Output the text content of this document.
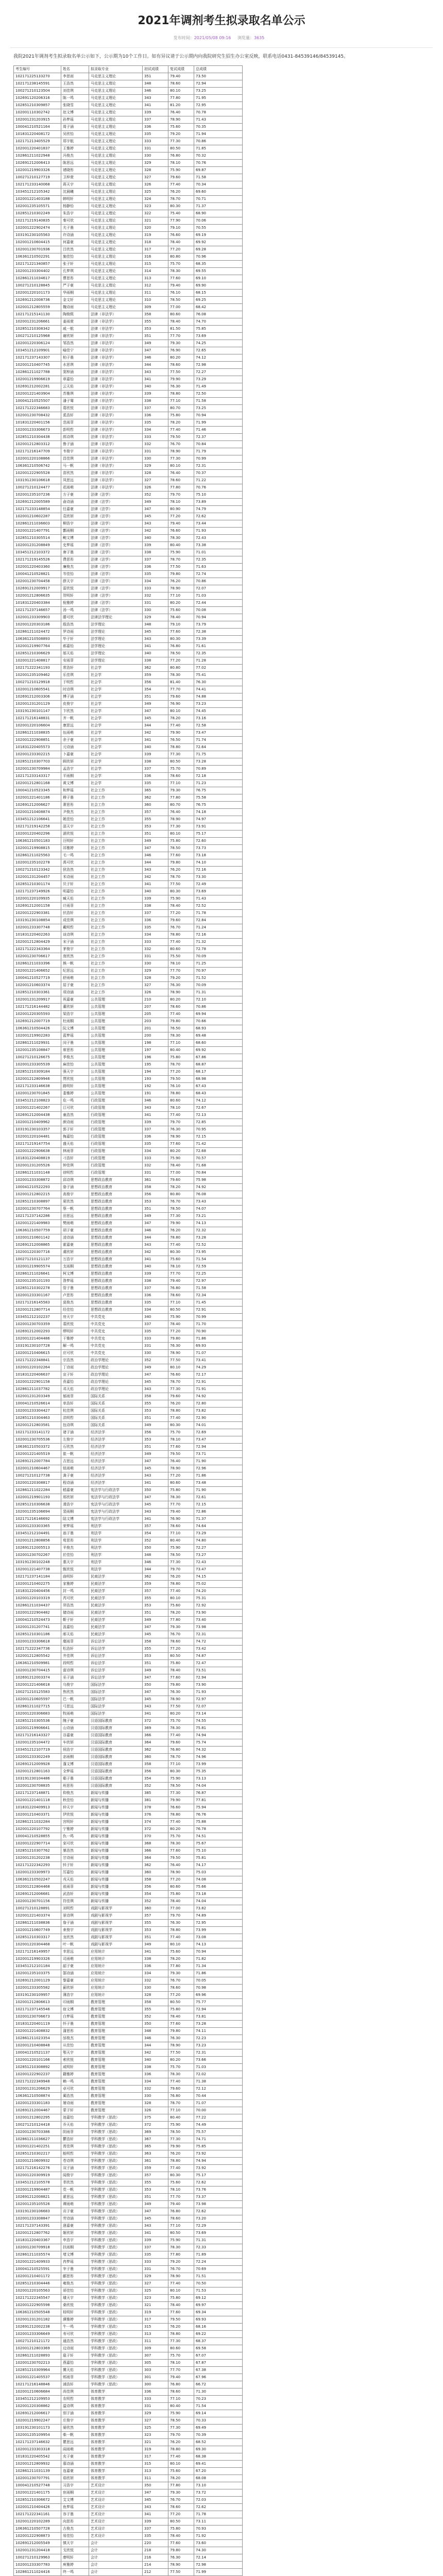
2021年调剂考生拟录取名单公示
发布时间：2021/05/08 09:16 浏览量：3635
我院2021年调剂考生拟录取名单公示如下，公示期为10个工作日。如有异议请于公示期内向我院研究生招生办公室反映，联系电话0431-84539146/84539145。
考生编号	姓名	拟录取专业	初试成绩	复试成绩	总成绩
102171225133270	李思雨	马克思主义理论	351	79.40	73.50
102171238145591	王浩然	马克思主义理论	348	78.60	72.94
100271210123504	刘佳琪	马克思主义理论	346	80.10	73.25
102691120206316	陈一鸣	马克思主义理论	343	77.80	71.95
102851210309857	张晓雪	马克思主义理论	341	81.20	72.95
102001110302742	赵文博	马克思主义理论	339	76.40	70.78
102001231203915	孙梦瑶	马克思主义理论	337	78.90	71.43
100041210521164	周子涵	马克思主义理论	336	75.60	70.35
101831220408172	吴欣怡	马克思主义理论	335	79.20	71.94
102171213405529	郑宇航	马克思主义理论	333	77.30	70.86
102001220401837	王雅婷	马克思主义理论	331	80.50	71.85
102861211022948	冯俊杰	马克思主义理论	330	76.80	70.32
102691212006413	陈思远	马克思主义理论	329	78.10	70.76
102001219903326	褚晓彤	马克思主义理论	328	75.90	69.87
100271210127719	卫梓萱	马克思主义理论	327	79.60	71.58
102171233140068	蒋天宇	马克思主义理论	326	77.40	70.34
103451212105342	沈晨曦	马克思主义理论	325	76.20	69.60
102001221403188	韩明轩	马克思主义理论	324	78.70	70.71
102001235105571	杨静怡	马克思主义理论	323	80.30	71.37
102851210302249	朱浩宇	马克思主义理论	322	75.40	68.90
102171219140835	秦可欣	马克思主义理论	321	77.90	70.06
102001222902474	尤子墨	马克思主义理论	320	79.10	70.55
103191230105563	许诗涵	马克思主义理论	319	76.60	69.19
102001210604415	何嘉豪	马克思主义理论	318	78.40	69.92
102001230701936	吕欣然	马克思主义理论	317	77.20	69.28
106361210502291	施佳怡	马克思主义理论	316	80.80	70.96
102171221340857	张子轩	马克思主义理论	315	75.70	68.35
102001233304402	孔梦琪	马克思主义理论	314	78.30	69.55
102861211034617	曹思彤	马克思主义理论	313	77.60	69.10
100271210128845	严子豪	马克思主义理论	312	79.40	69.90
102001220101173	华雨桐	马克思主义理论	311	76.10	68.15
102691212008736	金文轩	马克思主义理论	310	78.50	69.25
102001212805559	魏诗雨	马克思主义理论	309	77.00	68.42
102171215141130	陶俊熙	法律（非法学）	358	80.60	76.08
102001231206661	姜雨萱	法律（非法学）	355	78.40	74.70
102851210308342	戚一航	法律（非法学）	353	81.50	75.85
100271210125968	谢欣妍	法律（非法学）	351	77.70	73.69
102001220306124	邹浩然	法律（非法学）	349	79.30	74.25
103451212109901	喻佳宁	法律（非法学）	347	76.90	72.65
102171237143307	柏子墨	法律（非法学）	346	80.20	74.12
102001210407745	水思琪	法律（非法学）	344	78.60	72.98
102861211027788	窦梓涵	法律（非法学）	343	77.50	72.27
102001219906619	章嘉怡	法律（非法学）	341	79.90	73.29
102691212002281	云天佑	法律（非法学）	340	76.30	71.49
102001221403904	苏雅琪	法律（非法学）	339	78.80	72.50
100041210525507	潘子骞	法律（非法学）	338	77.10	71.58
102171222346683	葛欣悦	法律（非法学）	337	80.70	73.25
102001230708432	奚浩轩	法律（非法学）	336	75.80	70.94
101831220401156	范雨菲	法律（非法学）	335	78.20	71.99
102001233306673	彭明哲	法律（非法学）	334	77.40	71.46
102851210304438	郎诗琪	法律（非法学）	333	79.50	72.37
102001212803312	鲁子涵	法律（非法学）	332	76.70	70.84
102171216147709	韦俊宇	法律（非法学）	331	78.90	71.79
102001220108866	昌佳琪	法律（非法学）	330	77.30	70.99
106361210506742	马一帆	法律（非法学）	329	80.10	72.31
102001222905528	苗欣然	法律（非法学）	328	76.40	70.37
103191230106618	凤思远	法律（非法学）	327	78.60	71.22
100271210124477	花雨萌	法律（非法学）	326	77.80	70.76
102001235107236	方子豪	法律（法学）	352	79.70	75.10
102691212005589	俞诗涵	法律（法学）	349	78.10	73.89
102171233148854	任嘉豪	法律（法学）	347	80.90	74.79
102001210602287	袁欣妍	法律（法学）	345	77.20	72.62
102861211036603	柳浩宇	法律（法学）	343	79.40	73.44
102001221407791	酆雨桐	法律（法学）	342	76.60	71.93
102851210305514	鲍文博	法律（法学）	340	78.30	72.43
102001231208849	史梦瑶	法律（法学）	339	80.40	73.38
103451212103372	唐子墨	法律（法学）	338	75.90	71.01
102171219145526	费思彤	法律（法学）	337	78.70	72.35
102001220403360	廉俊杰	法律（法学）	336	77.50	71.63
100041210528821	岑佳怡	法律（法学）	335	79.80	72.74
102001230704458	薛天宇	法律（法学）	334	76.20	70.86
102691212009917	雷欣悦	法律（法学）	333	78.90	72.07
102001212806635	贺明轩	法律（法学）	332	77.10	71.03
101831220403384	倪雅婷	法律（法学）	331	80.20	72.44
102171237146657	汤一鸣	法律（法学）	330	75.60	70.08
102001233309903	滕可欣	法律法学理论	329	78.40	70.94
102001220303186	殷浩然	法学理论	348	79.10	73.79
102861211024472	罗诗雨	法学理论	345	77.60	72.38
106361210508893	毕子轩	法学理论	343	80.30	73.39
102001219907764	郝嘉怡	法学理论	341	76.80	71.61
102851210306629	邬天佑	法学理论	340	78.50	72.35
102001221408817	安雨菲	法学理论	338	77.20	71.28
102171222341193	常浩轩	社会学	362	80.80	77.02
102001235109462	乐佳琪	社会学	359	78.30	75.41
100271210129918	于明哲	社会学	356	81.40	76.30
102001210605541	时诗琪	社会学	354	77.70	74.41
102691212003306	傅子涵	社会学	351	79.60	74.88
102001231201129	皮俊宇	社会学	349	76.90	73.23
103191230101147	卞欣然	社会学	347	80.10	74.45
102171216148831	齐一帆	社会学	345	78.20	73.16
102001220106604	康思远	社会学	344	77.40	72.58
102861211038835	伍雨萌	社会学	342	79.90	73.47
102001222908851	余子豪	社会学	341	76.50	71.74
101831220405573	元诗涵	社会学	340	78.80	72.64
102001233302215	卜嘉豪	社会学	339	77.30	71.75
102851210307703	顾欣妍	社会学	338	80.50	73.28
102001230709984	孟浩宇	社会学	337	75.70	70.89
102171233143317	平雨桐	社会学	336	78.60	72.18
102001212801168	黄文博	社会学	335	77.10	71.23
100041210523345	和梦瑶	社会工作	365	79.30	76.75
102001221401186	穆子墨	社会工作	362	77.80	75.58
102691212006627	萧思彤	社会工作	360	80.70	76.75
102001210408874	尹俊杰	社会工作	357	76.40	74.18
103451212106641	姚佳怡	社会工作	355	78.90	74.97
102171219142258	邵天宇	社会工作	353	77.30	73.91
102001220402296	湛欣悦	社会工作	351	80.10	75.17
106361210501183	汪明轩	社会工作	349	75.80	72.60
102001219908815	祁雅婷	社会工作	347	78.50	73.73
102861211025563	毛一鸣	社会工作	346	77.60	73.18
102001235102278	禹可欣	社会工作	344	79.80	74.10
100271210123342	狄浩然	社会工作	343	76.20	72.16
102001231204457	米诗雨	社会工作	342	78.70	73.30
102851210301174	贝子轩	社会工作	341	77.50	72.49
102171237149926	明嘉怡	社会工作	340	80.30	73.69
102001220109935	臧天佑	社会工作	339	75.90	71.43
102691212001158	计雨菲	社会工作	338	78.40	72.52
102001222903381	伏浩轩	社会工作	337	77.20	71.78
103191230108854	成佳琪	社会工作	336	79.60	72.84
102001233307748	戴明哲	社会工作	335	76.70	71.24
101831220402263	谈诗琪	社会工作	334	78.80	72.16
102001212804429	宋子涵	社会工作	333	77.40	71.32
102171222343364	茅俊宇	社会工作	332	80.60	72.78
102001230706617	庞欣然	社会工作	331	75.50	70.09
102861211033396	熊一帆	社会工作	330	78.10	71.25
102001221406652	纪思远	社会工作	329	77.70	70.97
100041210527719	舒雨萌	社会工作	328	79.20	71.52
102001210603374	屈子豪	社会工作	327	76.30	70.09
102851210303361	项诗涵	社会工作	326	78.90	71.31
102001231209917	祝嘉豪	公共管理	210	80.20	72.10
102171216144482	董欣妍	公共管理	207	78.60	70.86
102001220305593	梁浩宇	公共管理	205	77.40	69.94
102691212007719	杜雨桐	公共管理	203	79.80	70.66
106361210504426	阮文博	公共管理	201	76.50	68.93
102001219902283	蓝梦瑶	公共管理	200	78.30	69.48
102861211029931	闵子墨	公共管理	198	77.10	68.60
102001235108847	席思彤	公共管理	197	80.40	69.92
100271210126675	季俊杰	公共管理	196	75.80	67.86
102001233305539	麻佳怡	公共管理	195	78.70	68.87
102851210309184	强天宇	公共管理	194	77.20	68.17
102001212809946	贾欣悦	公共管理	193	79.50	68.98
102171233146638	路明轩	公共管理	192	76.10	67.43
102001230701845	娄雅婷	公共管理	191	78.80	68.43
103451212108823	危一鸣	行政管理	346	80.60	74.12
102001221402267	江可欣	行政管理	343	78.10	72.67
102691212004438	童浩然	行政管理	341	77.40	72.13
102001210409962	颜诗雨	行政管理	339	79.70	72.85
103191230103357	郭子轩	行政管理	337	76.30	70.95
102001220104481	梅嘉怡	行政管理	336	78.90	72.15
102171219147754	盛天佑	行政管理	335	77.60	71.42
102001222906638	林雨菲	行政管理	334	80.20	72.68
101831220408819	刁浩轩	行政管理	333	75.90	70.57
102001231205526	钟佳琪	行政管理	332	78.40	71.68
102861211031148	徐明哲	行政管理	331	77.00	70.84
102001233308872	邱诗琪	思想政治教育	361	79.60	75.98
100041210522293	骆子涵	思想政治教育	358	78.20	74.92
102001212802215	高俊宇	思想政治教育	356	80.80	76.08
102851210308897	夏欣然	思想政治教育	353	76.70	73.43
102001230707764	蔡一帆	思想政治教育	351	78.50	74.07
102171237142286	田思远	思想政治教育	349	77.30	73.21
102001221409983	樊雨萌	思想政治教育	347	79.90	74.13
106361210507759	胡子豪	思想政治教育	346	76.20	72.32
102001210601142	凌诗涵	思想政治教育	344	78.80	73.28
102691212008865	霍嘉豪	思想政治教育	343	77.40	72.52
102001220307716	虞欣妍	思想政治教育	342	80.30	73.95
100271210121137	万浩宇	思想政治教育	341	75.60	71.54
102001219905574	支雨桐	思想政治教育	340	78.10	72.59
102861211026641	柯文博	思想政治教育	339	77.70	72.25
102001235101193	昝梦瑶	思想政治教育	338	79.40	72.97
102851210302278	管子墨	思想政治教育	337	76.80	71.58
102001233301167	卢思彤	思想政治教育	336	78.60	72.34
102171216145583	莫俊杰	思想政治教育	335	77.10	71.45
102001212807714	经佳怡	思想政治教育	334	80.50	72.91
103451212102237	房天宇	中共党史	340	75.90	70.99
102001230703359	裘欣悦	中共党史	337	78.40	71.70
102691212002293	缪明轩	中共党史	335	77.20	70.90
102001221404486	干雅婷	中共党史	333	79.80	71.86
103191230107728	解一鸣	中共党史	331	76.30	69.93
102001210406615	应可欣	中共党史	330	78.90	71.07
102171222348841	宗浩然	政治学理论	352	77.50	73.41
102001220102264	丁诗雨	政治学理论	349	80.10	74.29
101831220406637	宣子轩	政治学理论	347	76.60	72.17
102001222901158	贲嘉怡	政治学理论	345	78.70	72.91
102861211037782	邓天佑	政治学理论	343	77.30	71.91
102001231203349	郁雨菲	国际关系	358	79.60	74.92
100041210526614	单浩轩	国际关系	355	76.20	72.80
102001233304427	杭佳琪	国际关系	353	78.80	73.82
102851210304463	洪明哲	国际关系	351	77.40	72.90
102001212803581	包诗琪	国际关系	349	80.30	74.01
102171233141172	诸子涵	经济法学	356	75.70	72.69
102001230705536	左俊宇	经济法学	353	78.10	73.47
106361210503372	石欣然	经济法学	351	77.60	72.94
102001221405519	崔一帆	经济法学	349	79.50	73.71
102691212007784	吉思远	经济法学	347	76.40	71.90
102001210604467	钮雨萌	经济法学	345	78.90	72.96
100271210127738	龚子豪	经济法学	343	77.20	71.86
102001220308817	程诗涵	经济法学	341	80.60	73.48
102861211022284	嵇嘉豪	宪法学与行政法学	350	75.80	71.90
102001219901193	邢欣妍	宪法学与行政法学	347	78.30	72.61
102851210306638	滑浩宇	宪法学与行政法学	345	77.70	72.15
102001235106694	裴雨桐	宪法学与行政法学	343	79.40	72.86
102171216146692	陆文博	宪法学与行政法学	341	76.90	71.37
102001233303365	荣梦瑶	刑法学	357	78.60	74.64
103451212104491	翁子墨	刑法学	354	77.10	73.29
102001212808856	荀思彤	刑法学	352	80.40	74.80
102691212005513	羊俊杰	刑法学	350	75.90	72.27
102001230702267	於佳怡	刑法学	348	78.50	73.27
103191230102248	惠天宇	刑法学	346	77.30	72.43
102001221407738	甄欣悦	刑法学	344	79.70	73.47
102171237141184	曲明轩	民商法学	362	76.20	74.15
102001210402275	家雅婷	民商法学	359	78.80	75.02
101831220404456	封一鸣	民商法学	357	77.40	74.20
102001220103319	芮可欣	民商法学	355	80.10	75.31
102861211034437	羿浩然	民商法学	353	75.60	72.92
102001222904482	储诗雨	民商法学	351	78.20	73.90
100041210524473	靳子轩	民商法学	349	77.80	73.40
102001231207741	汲嘉怡	民商法学	347	79.30	73.98
102851210301186	邴天佑	民商法学	345	76.70	72.31
102001233306618	糜雨菲	诉讼法学	358	78.60	74.72
102171222347736	松浩轩	诉讼法学	355	77.20	73.42
102001212805542	井佳琪	诉讼法学	353	80.50	74.87
106361210509981	段明哲	诉讼法学	351	75.80	72.47
102001230704415	富诗琪	诉讼法学	349	78.40	73.51
102691212003374	巫子涵	诉讼法学	347	77.60	72.94
102001221406618	乌俊宇	国际法学	350	79.80	73.90
100271210125583	焦欣然	国际法学	347	76.30	71.93
102001210605597	巴一帆	国际法学	345	78.90	72.97
102861211027715	弓思远	国际法学	343	77.50	72.07
102001220306683	牧雨萌	国际法学	341	80.20	73.14
102851210305536	隗子豪	汉语国际教育	372	75.70	74.55
102001219906641	山诗涵	汉语国际教育	369	78.30	75.81
102171216143327	谷嘉豪	汉语国际教育	366	77.40	74.94
102001235104472	车欣妍	汉语国际教育	364	79.60	75.74
103451212107719	侯浩宇	汉语国际教育	362	76.80	74.32
102001233302249	宓雨桐	汉语国际教育	360	78.70	74.96
102691212009928	蓬文博	汉语国际教育	358	77.10	73.99
102001212801163	全梦瑶	汉语国际教育	356	80.30	75.35
103191230104486	郗子墨	汉语国际教育	354	75.90	73.13
102001230708835	班思彤	汉语国际教育	352	78.50	74.04
102171237148871	仰俊杰	新闻与传播	385	77.30	76.87
102001221401118	秋佳怡	新闻与传播	381	79.90	77.81
101831220409913	仲天宇	新闻与传播	378	76.60	75.94
102001210403371	伊欣悦	新闻与传播	376	78.80	76.76
102861211032284	宫明轩	新闻与传播	374	77.40	75.88
102001220107792	宁雅婷	新闻与传播	372	80.20	76.78
100041210528855	仇一鸣	新闻与传播	370	75.70	74.51
102001222907714	栾可欣	新闻与传播	368	78.30	75.67
102851210307762	暴浩然	新闻与传播	366	77.60	75.10
102001231202238	甘诗雨	新闻与传播	364	79.50	75.81
102171222342293	钭子轩	新闻与传播	362	76.40	74.17
102001233309973	厉嘉怡	新闻与传播	360	78.90	75.03
106361210502247	戎天佑	新闻与传播	358	77.20	74.08
102001212804468	祖雨菲	新闻与传播	356	80.60	75.66
102691212006681	武浩轩	新闻与传播	354	75.80	73.18
102001230701156	符佳琪	新闻与传播	352	78.40	74.04
100271210128891	刘明哲	戏剧与影视学	360	77.00	73.82
102001221403374	景诗琪	戏剧与影视学	357	79.70	74.89
102861211038836	詹子涵	戏剧与影视学	355	76.30	72.95
102001210607749	束俊宇	戏剧与影视学	353	78.80	73.99
102851210303317	龙欣然	戏剧与影视学	351	77.40	73.08
102001220304468	叶一帆	戏剧与影视学	349	80.10	74.13
102171216149957	幸思远	应用统计	341	75.60	70.94
102001219903326	司雨萌	应用统计	338	78.20	71.82
103451212101184	韶子豪	应用统计	336	77.80	71.34
102001235103375	郜诗涵	应用统计	334	79.30	71.86
102691212001129	黎嘉豪	应用统计	332	76.70	70.05
102001233305582	蓟欣妍	应用统计	330	78.60	70.98
103191230109957	薄浩宇	应用统计	328	77.20	69.96
102001212806613	印雨桐	教育管理	358	80.50	75.77
102171237145546	宿文博	教育管理	355	75.80	72.94
102001230706673	白梦瑶	教育管理	352	78.40	73.81
101831220401119	怀子墨	教育管理	350	77.60	73.28
102001221408832	蒲思彤	教育管理	348	79.80	74.11
102861211023354	邰俊杰	教育管理	346	76.30	72.23
102001210408848	从佳怡	教育管理	344	78.90	73.23
100041210521137	鄂天宇	教育管理	342	77.50	72.31
102001220101166	索欣悦	教育管理	340	80.20	73.66
102851210308892	咸明轩	教育管理	338	75.70	71.03
102001222902237	籍雅婷	教育管理	336	78.30	72.02
102171222349948	赖一鸣	教育管理	334	77.40	71.38
102001231206629	卓可欣	教育管理	332	79.60	72.12
106361210508874	蔺浩然	教育管理	330	76.80	70.44
102001233301183	屠诗雨	教育管理	328	78.70	71.07
102691212004467	蒙子轩	教育管理	326	77.10	70.00
102001212802295	池嘉怡	学科教学（思政）	375	80.40	77.22
100271210124418	乔天佑	学科教学（思政）	372	75.90	74.49
102001230703386	阴雨菲	学科教学（思政）	369	78.50	75.57
102861211036627	鬱浩轩	学科教学（思政）	367	77.30	74.71
102001221402251	胥佳琪	学科教学（思政）	365	79.90	75.85
102851210302217	能明哲	学科教学（思政）	363	76.20	73.92
102001210609932	苍诗琪	学科教学（思政）	361	78.80	74.94
102171216142276	双子涵	学科教学（思政）	359	77.40	73.92
102001220309919	闻俊宇	学科教学（思政）	357	80.30	75.17
103451212105578	莘欣然	学科教学（思政）	355	75.60	72.62
102001219904487	党一帆	学科教学（思政）	353	78.10	73.76
102691212008821	翟思远	学科教学（思政）	351	77.70	73.37
102001235105526	谭雨萌	学科教学（思政）	349	79.40	73.98
103191230106683	贡子豪	学科教学（思政）	347	76.80	72.62
102001233308847	劳诗涵	学科教学（思政）	345	78.60	73.20
102171237143391	逄嘉豪	学科教学（思政）	343	77.10	72.29
102001212807762	姬欣妍	学科教学（思政）	341	80.50	73.69
101831220403367	申浩宇	学科教学（思政）	339	75.90	71.31
102001230709918	扶雨桐	学科教学（思政）	337	78.30	72.33
102861211035574	堵文博	学科教学（思政）	335	77.80	71.89
102001221409933	冉梦瑶	学科教学（思政）	333	79.20	72.24
100041210525591	宰子墨	学科教学（思政）	331	76.70	70.69
102001210401172	郦思彤	学科教学（思政）	329	78.90	71.51
102851210304446	雍俊杰	学科教学（思政）	327	77.40	70.50
102001220105563	郤佳怡	学科教学（思政）	325	80.10	71.53
102171222345547	璩天宇	学科教学（思政）	323	75.80	69.12
102001222905598	桑欣悦	学科教学（思政）	321	78.40	69.97
106361210505548	桂明轩	学科教学（思政）	319	77.60	69.34
102001231201182	濮雅婷	学科教学（思政）	317	79.50	69.93
102691212002238	牛一鸣	学科教学（思政）	315	76.20	68.16
102001233306649	寿可欣	学科教学（思政）	313	78.80	69.22
100271210121172	通浩然	学科教学（思政）	311	77.30	68.37
102001212803369	边诗雨	学科教学（思政）	309	80.60	69.58
102861211028893	扈子轩	学科教学（思政）	307	75.70	67.07
102001230702213	燕嘉怡	学科教学（思政）	305	78.10	67.87
102851210309964	冀天佑	学科教学（思政）	303	77.70	67.38
102001221405537	郏雨菲	学科教学（思政）	301	79.40	67.96
102171216148846	浦浩轩	学科教学（思政）	300	76.80	66.72
102001210606684	尚佳琪	体育教学	336	78.60	71.30
103451212109953	农明哲	体育教学	333	77.10	70.23
102001220308862	温诗琪	体育教学	331	80.40	71.54
102691212006617	别子涵	体育教学	329	75.90	69.14
102001219902247	庄俊宇	体育教学	327	78.50	70.33
103191230101173	晏欣然	体育教学	325	77.30	69.49
102001235109954	柴一帆	体育教学	323	79.70	70.39
102171237146632	瞿思远	体育教学	321	76.20	68.52
102001233303318	阎雨萌	体育教学	319	78.80	69.30
101831220405542	充子豪	体育教学	317	77.40	68.38
102001212809932	慕诗涵	体育教学	315	80.10	69.41
102861211031139	连嘉豪	体育教学	313	75.60	67.20
102001230707791	茹欣妍	体育教学	311	78.20	68.08
100041210527748	习浩宇	艺术设计	350	77.80	73.10
102001221401175	宦雨桐	艺术设计	347	79.30	73.72
102851210306672	艾文博	艺术设计	345	76.70	72.03
102001210404426	鱼梦瑶	艺术设计	343	78.60	72.62
102171222341161	容子墨	艺术设计	341	77.20	71.78
102001220102289	向思彤	艺术设计	339	80.50	73.11
106361210507728	古俊杰	艺术设计	337	75.80	70.93
102001222908873	易佳怡	艺术设计	335	78.40	71.92
102691212005549	慎天宇	会计	220	77.60	73.60
102001231204418	戈欣悦	会计	218	79.80	74.30
100271210129963	廖明轩	会计	216	76.30	72.14
102001233307783	庾雅婷	会计	214	78.90	72.98
102861211024416	终一鸣	会计	212	77.50	71.99
